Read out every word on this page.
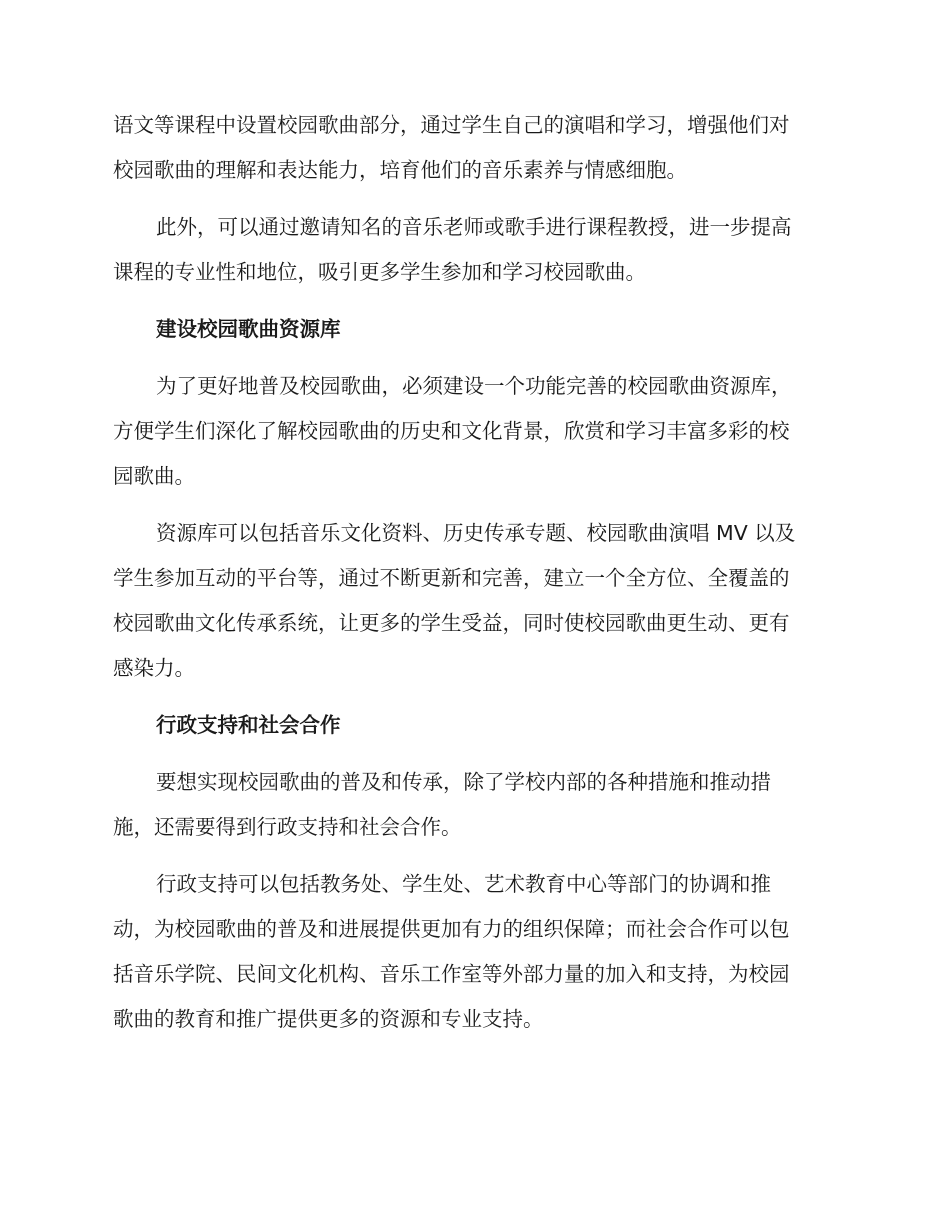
语文等课程中设置校园歌曲部分，通过学生自己的演唱和学习，增强他们对
校园歌曲的理解和表达能力，培育他们的音乐素养与情感细胞。
此外，可以通过邀请知名的音乐老师或歌手进行课程教授，进一步提高
课程的专业性和地位，吸引更多学生参加和学习校园歌曲。
建设校园歌曲资源库
为了更好地普及校园歌曲，必须建设一个功能完善的校园歌曲资源库，
方便学生们深化了解校园歌曲的历史和文化背景，欣赏和学习丰富多彩的校
园歌曲。
资源库可以包括音乐文化资料、历史传承专题、校园歌曲演唱 MV 以及
学生参加互动的平台等，通过不断更新和完善，建立一个全方位、全覆盖的
校园歌曲文化传承系统，让更多的学生受益，同时使校园歌曲更生动、更有
感染力。
行政支持和社会合作
要想实现校园歌曲的普及和传承，除了学校内部的各种措施和推动措
施，还需要得到行政支持和社会合作。
行政支持可以包括教务处、学生处、艺术教育中心等部门的协调和推
动，为校园歌曲的普及和进展提供更加有力的组织保障；而社会合作可以包
括音乐学院、民间文化机构、音乐工作室等外部力量的加入和支持，为校园
歌曲的教育和推广提供更多的资源和专业支持。
